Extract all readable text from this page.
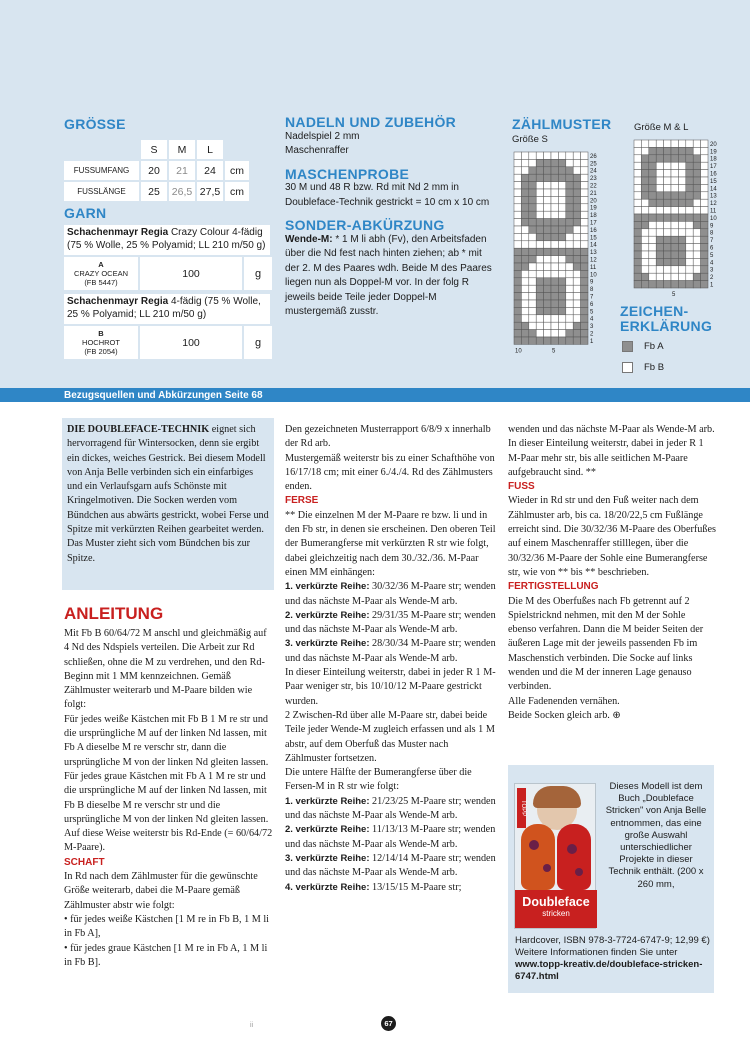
GRÖSSE
	S	M	L	
FUSSUMFANG	20	21	24	cm
FUSSLÄNGE	25	26,5	27,5	cm
GARN
Schachenmayr Regia Crazy Colour 4-fädig (75 % Wolle, 25 % Polyamid; LL 210 m/50 g)
A
CRAZY OCEAN
(FB 5447)
100	g
Schachenmayr Regia 4-fädig (75 % Wolle, 25 % Polyamid; LL 210 m/50 g)
B
HOCHROT
(FB 2054)
100	g
NADELN UND ZUBEHÖR
Nadelspiel 2 mm
Maschenraffer
MASCHENPROBE
30 M und 48 R bzw. Rd mit Nd 2 mm in Doubleface-Technik gestrickt = 10 cm x 10 cm
SONDER-ABKÜRZUNG
Wende-M: * 1 M li abh (Fv), den Arbeitsfaden über die Nd fest nach hinten ziehen; ab * mit der 2. M des Paares wdh. Beide M des Paares liegen nun als Doppel-M vor. In der folg R jeweils beide Teile jeder Doppel-M mustergemäß zusstr.
ZÄHLMUSTER
Größe S
Größe M & L
1
2
3
4
5
6
7
8
9
10
11
12
13
14
15
16
17
18
19
20
21
22
23
24
25
26
10	5
1
2
3
4
5
6
7
8
9
10
11
12
13
14
15
16
17
18
19
20
5
ZEICHEN-
ERKLÄRUNG
Fb A
Fb B
Bezugsquellen und Abkürzungen Seite 68
DIE DOUBLEFACE-TECHNIK eignet sich hervorragend für Wintersocken, denn sie ergibt ein dickes, weiches Gestrick. Bei diesem Modell von Anja Belle verbinden sich ein einfarbiges und ein Verlaufsgarn aufs Schönste mit Kringelmotiven. Die Socken werden vom Bündchen aus abwärts gestrickt, wobei Ferse und Spitze mit verkürzten Reihen gearbeitet werden. Das Muster zieht sich vom Bündchen bis zur Spitze.
ANLEITUNG
Mit Fb B 60/64/72 M anschl und gleichmäßig auf 4 Nd des Ndspiels verteilen. Die Arbeit zur Rd schließen, ohne die M zu verdrehen, und den Rd-Beginn mit 1 MM kennzeichnen. Gemäß Zählmuster weiterarb und M-Paare bilden wie folgt:
Für jedes weiße Kästchen mit Fb B 1 M re str und die ursprüngliche M auf der linken Nd lassen, mit Fb A dieselbe M re verschr str, dann die ursprüngliche M von der linken Nd gleiten lassen.
Für jedes graue Kästchen mit Fb A 1 M re str und die ursprüngliche M auf der linken Nd lassen, mit Fb B dieselbe M re verschr str und die ursprüngliche M von der linken Nd gleiten lassen.
Auf diese Weise weiterstr bis Rd-Ende (= 60/64/72 M-Paare).
SCHAFT
In Rd nach dem Zählmuster für die gewünschte Größe weiterarb, dabei die M-Paare gemäß Zählmuster abstr wie folgt:
• für jedes weiße Kästchen [1 M re in Fb B, 1 M li in Fb A],
• für jedes graue Kästchen [1 M re in Fb A, 1 M li in Fb B].
Den gezeichneten Musterrapport 6/8/9 x innerhalb der Rd arb.
Mustergemäß weiterstr bis zu einer Schafthöhe von 16/17/18 cm; mit einer 6./4./4. Rd des Zählmusters enden.
FERSE
** Die einzelnen M der M-Paare re bzw. li und in den Fb str, in denen sie erscheinen. Den oberen Teil der Bumerangferse mit verkürzten R str wie folgt, dabei gleichzeitig nach dem 30./32./36. M-Paar einen MM einhängen:
1. verkürzte Reihe: 30/32/36 M-Paare str; wenden und das nächste M-Paar als Wende-M arb.
2. verkürzte Reihe: 29/31/35 M-Paare str; wenden und das nächste M-Paar als Wende-M arb.
3. verkürzte Reihe: 28/30/34 M-Paare str; wenden und das nächste M-Paar als Wende-M arb.
In dieser Einteilung weiterstr, dabei in jeder R 1 M-Paar weniger str, bis 10/10/12 M-Paare gestrickt wurden.
2 Zwischen-Rd über alle M-Paare str, dabei beide Teile jeder Wende-M zugleich erfassen und als 1 M abstr, auf dem Oberfuß das Muster nach Zählmuster fortsetzen.
Die untere Hälfte der Bumerangferse über die Fersen-M in R str wie folgt:
1. verkürzte Reihe: 21/23/25 M-Paare str; wenden und das nächste M-Paar als Wende-M arb.
2. verkürzte Reihe: 11/13/13 M-Paare str; wenden und das nächste M-Paar als Wende-M arb.
3. verkürzte Reihe: 12/14/14 M-Paare str; wenden und das nächste M-Paar als Wende-M arb.
4. verkürzte Reihe: 13/15/15 M-Paare str;
wenden und das nächste M-Paar als Wende-M arb.
In dieser Einteilung weiterstr, dabei in jeder R 1 M-Paar mehr str, bis alle seitlichen M-Paare aufgebraucht sind. **
FUSS
Wieder in Rd str und den Fuß weiter nach dem Zählmuster arb, bis ca. 18/20/22,5 cm Fußlänge erreicht sind. Die 30/32/36 M-Paare des Oberfußes auf einem Maschenraffer stilllegen, über die 30/32/36 M-Paare der Sohle eine Bumerangferse str, wie von ** bis ** beschrieben.
FERTIGSTELLUNG
Die M des Oberfußes nach Fb getrennt auf 2 Spielstricknd nehmen, mit den M der Sohle ebenso verfahren. Dann die M beider Seiten der äußeren Lage mit der jeweils passenden Fb im Maschenstich verbinden. Die Socke auf links wenden und die M der inneren Lage genauso verbinden.
Alle Fadenenden vernähen.
Beide Socken gleich arb. ⊕
TOPP
Doubleface
stricken
Dieses Modell ist dem Buch „Doubleface Stricken" von Anja Belle entnommen, das eine große Auswahl unterschiedlicher Projekte in dieser Technik enthält. (200 x 260 mm,
Hardcover, ISBN 978-3-7724-6747-9; 12,99 €) Weitere Informationen finden Sie unter www.topp-kreativ.de/doubleface-stricken-6747.html
ii	67
